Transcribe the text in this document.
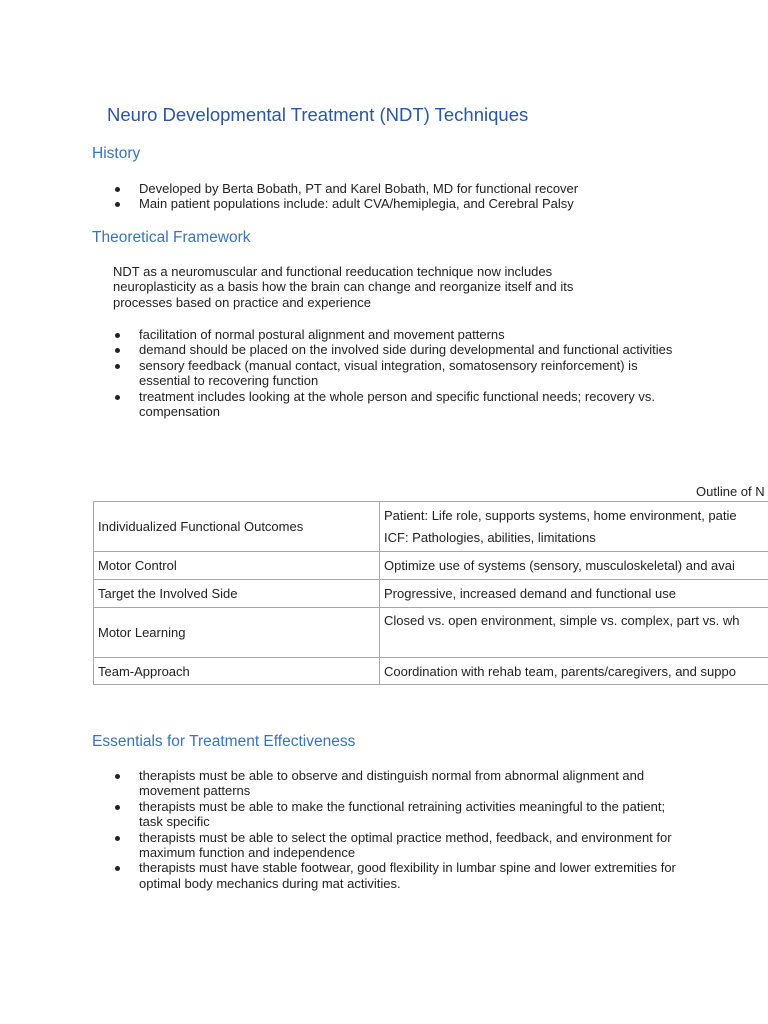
Neuro Developmental Treatment (NDT) Techniques
History
Developed by Berta Bobath, PT and Karel Bobath, MD for functional recover
Main patient populations include: adult CVA/hemiplegia, and Cerebral Palsy
Theoretical Framework

NDT as a neuromuscular and functional reeducation technique now includes neuroplasticity as a basis how the brain can change and reorganize itself and its processes based on practice and experience

facilitation of normal postural alignment and movement patterns
demand should be placed on the involved side during developmental and functional activities
sensory feedback (manual contact, visual integration, somatosensory reinforcement) is essential to recovering function
treatment includes looking at the whole person and specific functional needs; recovery vs. compensation
Outline of N
Individualized Functional Outcomes	Patient: Life role, supports systems, home environment, patie
ICF: Pathologies, abilities, limitations

Motor Control	Optimize use of systems (sensory, musculoskeletal) and avai
Target the Involved Side	Progressive, increased demand and functional use
Motor Learning	Closed vs. open environment, simple vs. complex, part vs. wh
Team-Approach	Coordination with rehab team, parents/caregivers, and suppo
Essentials for Treatment Effectiveness
therapists must be able to observe and distinguish normal from abnormal alignment and movement patterns
therapists must be able to make the functional retraining activities meaningful to the patient; task specific
therapists must be able to select the optimal practice method, feedback, and environment for maximum function and independence
therapists must have stable footwear, good flexibility in lumbar spine and lower extremities for optimal body mechanics during mat activities.
